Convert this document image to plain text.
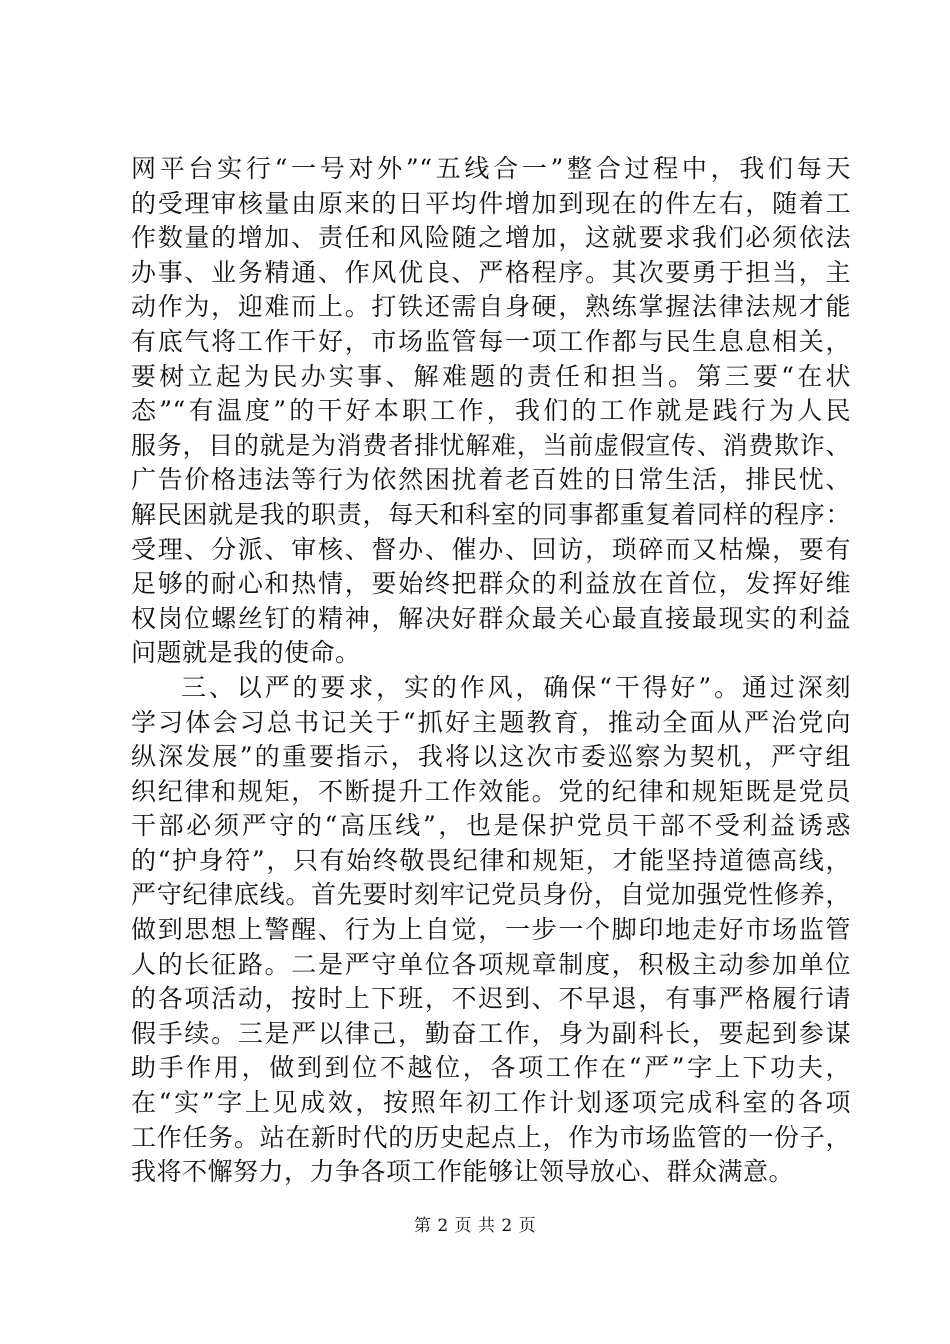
网平台实行“一号对外”“五线合一”整合过程中，我们每天
的受理审核量由原来的日平均件增加到现在的件左右，随着工
作数量的增加、责任和风险随之增加，这就要求我们必须依法
办事、业务精通、作风优良、严格程序。其次要勇于担当，主
动作为，迎难而上。打铁还需自身硬，熟练掌握法律法规才能
有底气将工作干好，市场监管每一项工作都与民生息息相关，
要树立起为民办实事、解难题的责任和担当。第三要“在状
态”“有温度”的干好本职工作，我们的工作就是践行为人民
服务，目的就是为消费者排忧解难，当前虚假宣传、消费欺诈、
广告价格违法等行为依然困扰着老百姓的日常生活，排民忧、
解民困就是我的职责，每天和科室的同事都重复着同样的程序：
受理、分派、审核、督办、催办、回访，琐碎而又枯燥，要有
足够的耐心和热情，要始终把群众的利益放在首位，发挥好维
权岗位螺丝钉的精神，解决好群众最关心最直接最现实的利益
问题就是我的使命。
三、以严的要求，实的作风，确保“干得好”。通过深刻
学习体会习总书记关于“抓好主题教育，推动全面从严治党向
纵深发展”的重要指示，我将以这次市委巡察为契机，严守组
织纪律和规矩，不断提升工作效能。党的纪律和规矩既是党员
干部必须严守的“高压线”，也是保护党员干部不受利益诱惑
的“护身符”，只有始终敬畏纪律和规矩，才能坚持道德高线，
严守纪律底线。首先要时刻牢记党员身份，自觉加强党性修养，
做到思想上警醒、行为上自觉，一步一个脚印地走好市场监管
人的长征路。二是严守单位各项规章制度，积极主动参加单位
的各项活动，按时上下班，不迟到、不早退，有事严格履行请
假手续。三是严以律己，勤奋工作，身为副科长，要起到参谋
助手作用，做到到位不越位，各项工作在“严”字上下功夫，
在“实”字上见成效，按照年初工作计划逐项完成科室的各项
工作任务。站在新时代的历史起点上，作为市场监管的一份子，
我将不懈努力，力争各项工作能够让领导放心、群众满意。
第 2 页 共 2 页
